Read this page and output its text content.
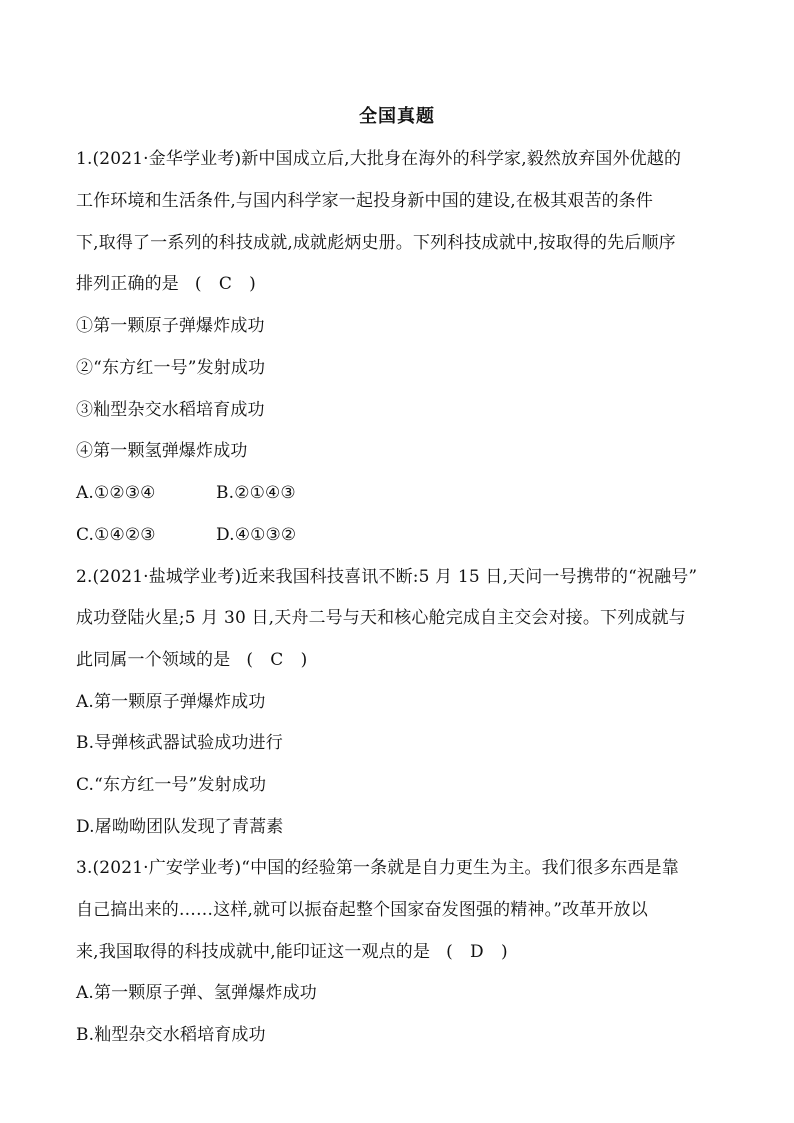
全国真题
1.(2021·金华学业考)新中国成立后,大批身在海外的科学家,毅然放弃国外优越的
工作环境和生活条件,与国内科学家一起投身新中国的建设,在极其艰苦的条件
下,取得了一系列的科技成就,成就彪炳史册。下列科技成就中,按取得的先后顺序
排列正确的是 (　C　)
①第一颗原子弹爆炸成功
②“东方红一号”发射成功
③籼型杂交水稻培育成功
④第一颗氢弹爆炸成功
A.①②③④	B.②①④③
C.①④②③	D.④①③②
2.(2021·盐城学业考)近来我国科技喜讯不断:5 月 15 日,天问一号携带的“祝融号”
成功登陆火星;5 月 30 日,天舟二号与天和核心舱完成自主交会对接。下列成就与
此同属一个领域的是 (　C　)
A.第一颗原子弹爆炸成功
B.导弹核武器试验成功进行
C.“东方红一号”发射成功
D.屠呦呦团队发现了青蒿素
3.(2021·广安学业考)“中国的经验第一条就是自力更生为主。我们很多东西是靠
自己搞出来的……这样,就可以振奋起整个国家奋发图强的精神。”改革开放以
来,我国取得的科技成就中,能印证这一观点的是 (　D　)
A.第一颗原子弹、氢弹爆炸成功
B.籼型杂交水稻培育成功
